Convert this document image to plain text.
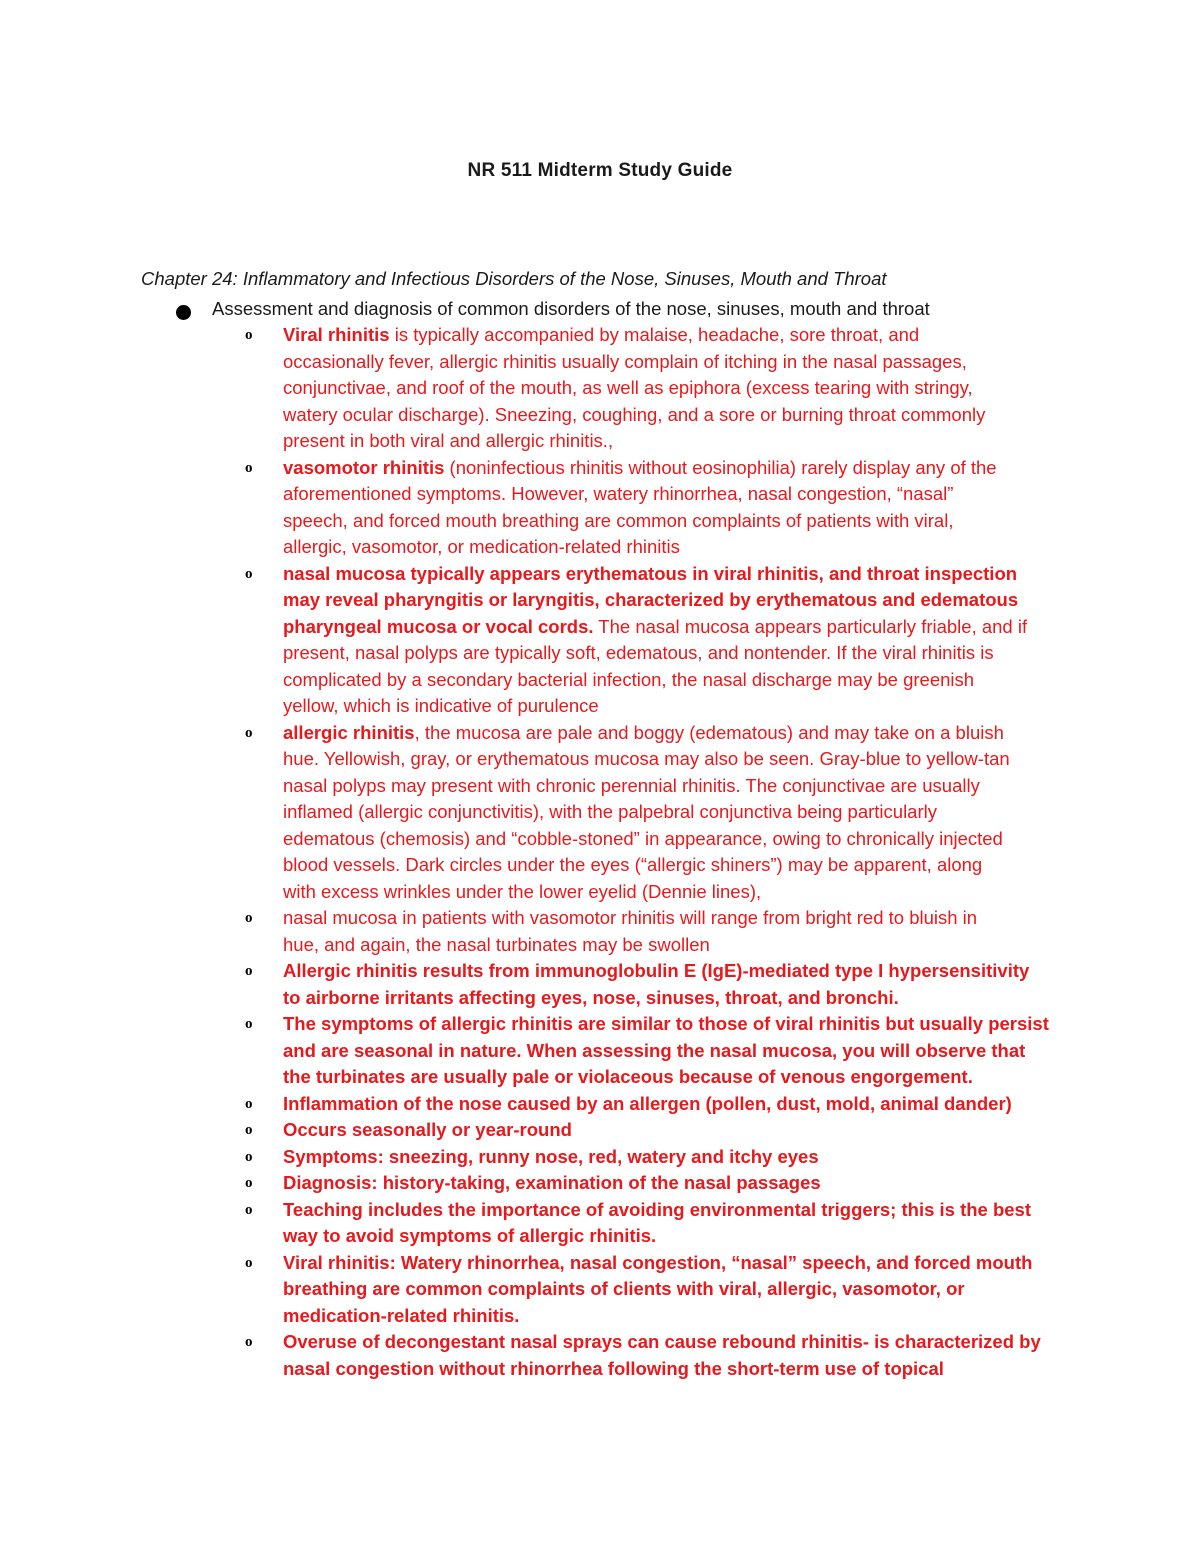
NR 511 Midterm Study Guide
Chapter 24: Inflammatory and Infectious Disorders of the Nose, Sinuses, Mouth and Throat
Assessment and diagnosis of common disorders of the nose, sinuses, mouth and throat
o Viral rhinitis is typically accompanied by malaise, headache, sore throat, and
occasionally fever, allergic rhinitis usually complain of itching in the nasal passages,
conjunctivae, and roof of the mouth, as well as epiphora (excess tearing with stringy,
watery ocular discharge). Sneezing, coughing, and a sore or burning throat commonly
present in both viral and allergic rhinitis.,
o vasomotor rhinitis (noninfectious rhinitis without eosinophilia) rarely display any of the
aforementioned symptoms. However, watery rhinorrhea, nasal congestion, “nasal”
speech, and forced mouth breathing are common complaints of patients with viral,
allergic, vasomotor, or medication-related rhinitis
o nasal mucosa typically appears erythematous in viral rhinitis, and throat inspection
may reveal pharyngitis or laryngitis, characterized by erythematous and edematous
pharyngeal mucosa or vocal cords. The nasal mucosa appears particularly friable, and if
present, nasal polyps are typically soft, edematous, and nontender. If the viral rhinitis is
complicated by a secondary bacterial infection, the nasal discharge may be greenish
yellow, which is indicative of purulence
o allergic rhinitis, the mucosa are pale and boggy (edematous) and may take on a bluish
hue. Yellowish, gray, or erythematous mucosa may also be seen. Gray-blue to yellow-tan
nasal polyps may present with chronic perennial rhinitis. The conjunctivae are usually
inflamed (allergic conjunctivitis), with the palpebral conjunctiva being particularly
edematous (chemosis) and “cobble-stoned” in appearance, owing to chronically injected
blood vessels. Dark circles under the eyes (“allergic shiners”) may be apparent, along
with excess wrinkles under the lower eyelid (Dennie lines),
o nasal mucosa in patients with vasomotor rhinitis will range from bright red to bluish in
hue, and again, the nasal turbinates may be swollen
o Allergic rhinitis results from immunoglobulin E (IgE)-mediated type I hypersensitivity
to airborne irritants affecting eyes, nose, sinuses, throat, and bronchi.
o The symptoms of allergic rhinitis are similar to those of viral rhinitis but usually persist
and are seasonal in nature. When assessing the nasal mucosa, you will observe that
the turbinates are usually pale or violaceous because of venous engorgement.
o Inflammation of the nose caused by an allergen (pollen, dust, mold, animal dander)
o Occurs seasonally or year-round
o Symptoms: sneezing, runny nose, red, watery and itchy eyes
o Diagnosis: history-taking, examination of the nasal passages
o Teaching includes the importance of avoiding environmental triggers; this is the best
way to avoid symptoms of allergic rhinitis.
o Viral rhinitis: Watery rhinorrhea, nasal congestion, “nasal” speech, and forced mouth
breathing are common complaints of clients with viral, allergic, vasomotor, or
medication-related rhinitis.
o Overuse of decongestant nasal sprays can cause rebound rhinitis- is characterized by
nasal congestion without rhinorrhea following the short-term use of topical
